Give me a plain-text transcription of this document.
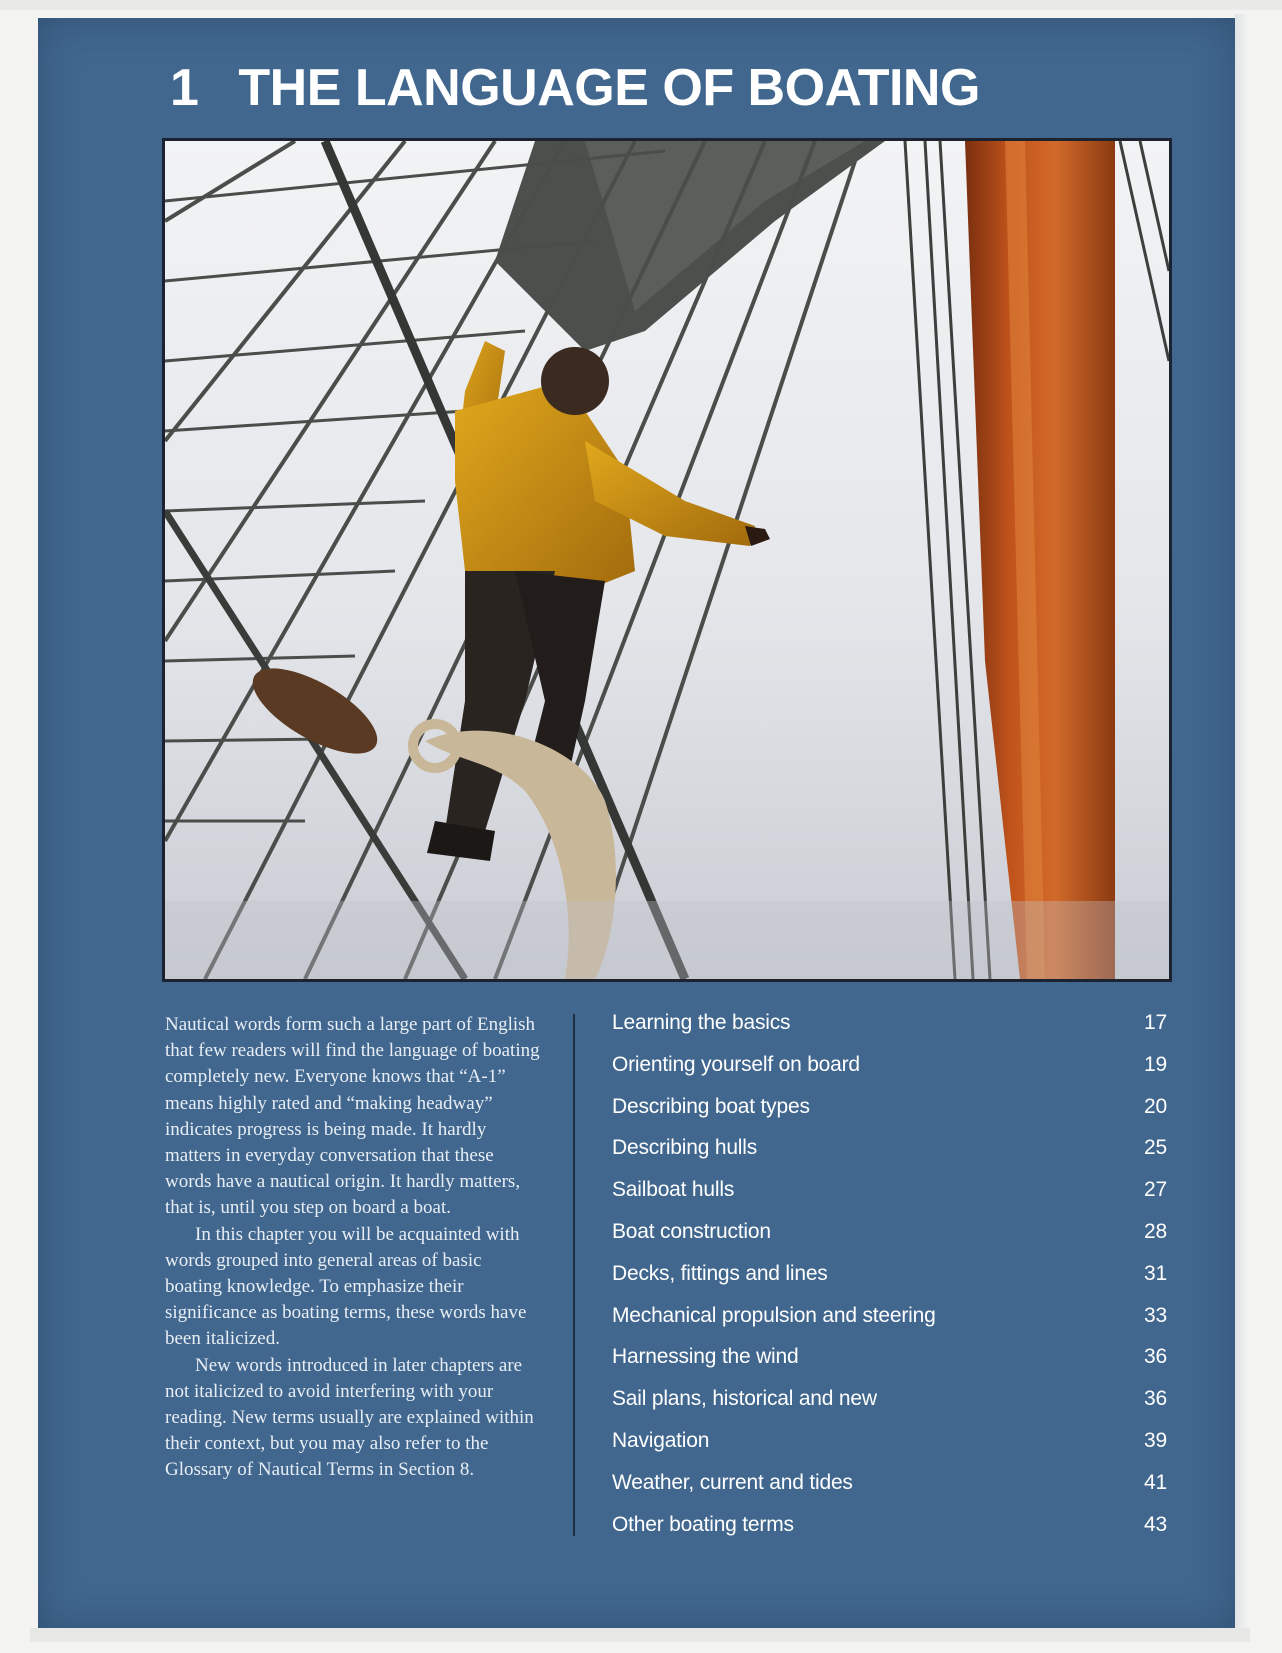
1 THE LANGUAGE OF BOATING

Nautical words form such a large part of English that few readers will find the language of boating completely new. Everyone knows that “A-1” means highly rated and “making headway” indicates progress is being made. It hardly matters in everyday conversation that these words have a nautical origin. It hardly matters, that is, until you step on board a boat.

In this chapter you will be acquainted with words grouped into general areas of basic boating knowledge. To emphasize their significance as boating terms, these words have been italicized.

New words introduced in later chapters are not italicized to avoid interfering with your reading. New terms usually are explained within their context, but you may also refer to the Glossary of Nautical Terms in Section 8.

Learning the basics	17
Orienting yourself on board	19
Describing boat types	20
Describing hulls	25
Sailboat hulls	27
Boat construction	28
Decks, fittings and lines	31
Mechanical propulsion and steering	33
Harnessing the wind	36
Sail plans, historical and new	36
Navigation	39
Weather, current and tides	41
Other boating terms	43
